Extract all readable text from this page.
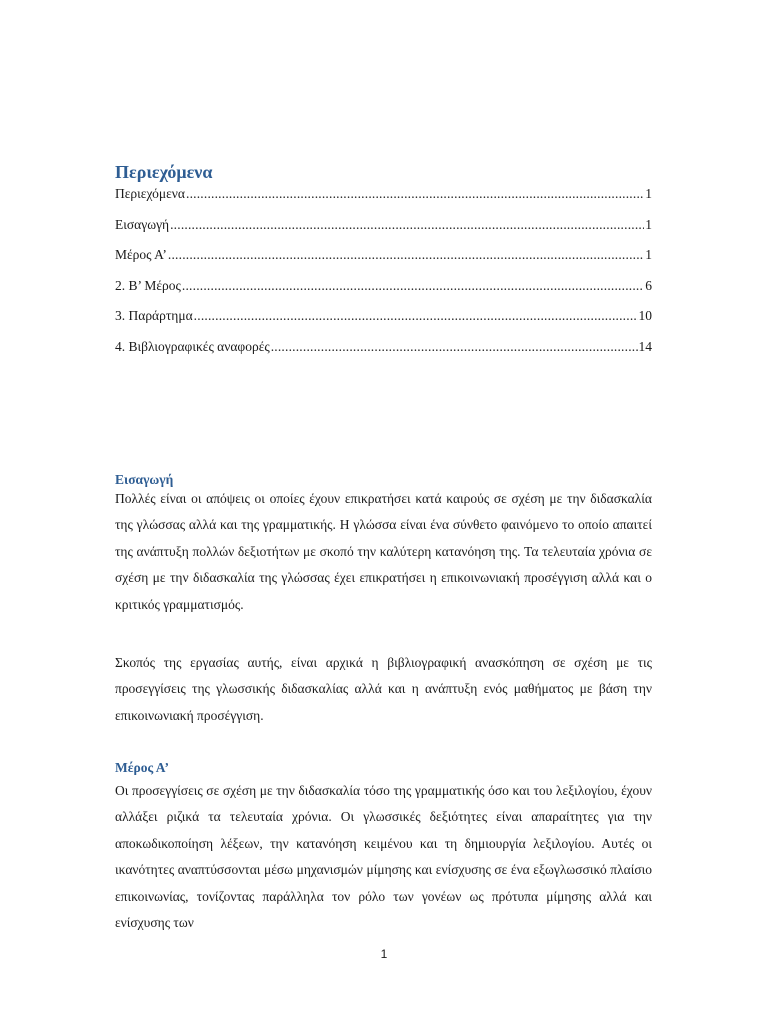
Περιεχόμενα
Περιεχόμενα .....	1
Εισαγωγή .....	1
Μέρος Α’ .....	1
2. Β’ Μέρος .....	6
3. Παράρτημα .....	10
4. Βιβλιογραφικές αναφορές .....	14
Εισαγωγή

Πολλές είναι οι απόψεις οι οποίες έχουν επικρατήσει κατά καιρούς σε σχέση με την διδασκαλία της γλώσσας αλλά και της γραμματικής. Η γλώσσα είναι ένα σύνθετο φαινόμενο το οποίο απαιτεί της ανάπτυξη πολλών δεξιοτήτων με σκοπό την καλύτερη κατανόηση της. Τα τελευταία χρόνια σε σχέση με την διδασκαλία της γλώσσας έχει επικρατήσει η επικοινωνιακή προσέγγιση αλλά και ο κριτικός γραμματισμός.

Σκοπός της εργασίας αυτής, είναι αρχικά η βιβλιογραφική ανασκόπηση σε σχέση με τις προσεγγίσεις της γλωσσικής διδασκαλίας αλλά και η ανάπτυξη ενός μαθήματος με βάση την επικοινωνιακή προσέγγιση.

Μέρος Α’

Οι προσεγγίσεις σε σχέση με την διδασκαλία τόσο της γραμματικής όσο και του λεξιλογίου, έχουν αλλάξει ριζικά τα τελευταία χρόνια. Οι γλωσσικές δεξιότητες είναι απαραίτητες για την αποκωδικοποίηση λέξεων, την κατανόηση κειμένου και τη δημιουργία λεξιλογίου. Αυτές οι ικανότητες αναπτύσσονται μέσω μηχανισμών μίμησης και ενίσχυσης σε ένα εξωγλωσσικό πλαίσιο επικοινωνίας, τονίζοντας παράλληλα τον ρόλο των γονέων ως πρότυπα μίμησης αλλά και ενίσχυσης των

1
